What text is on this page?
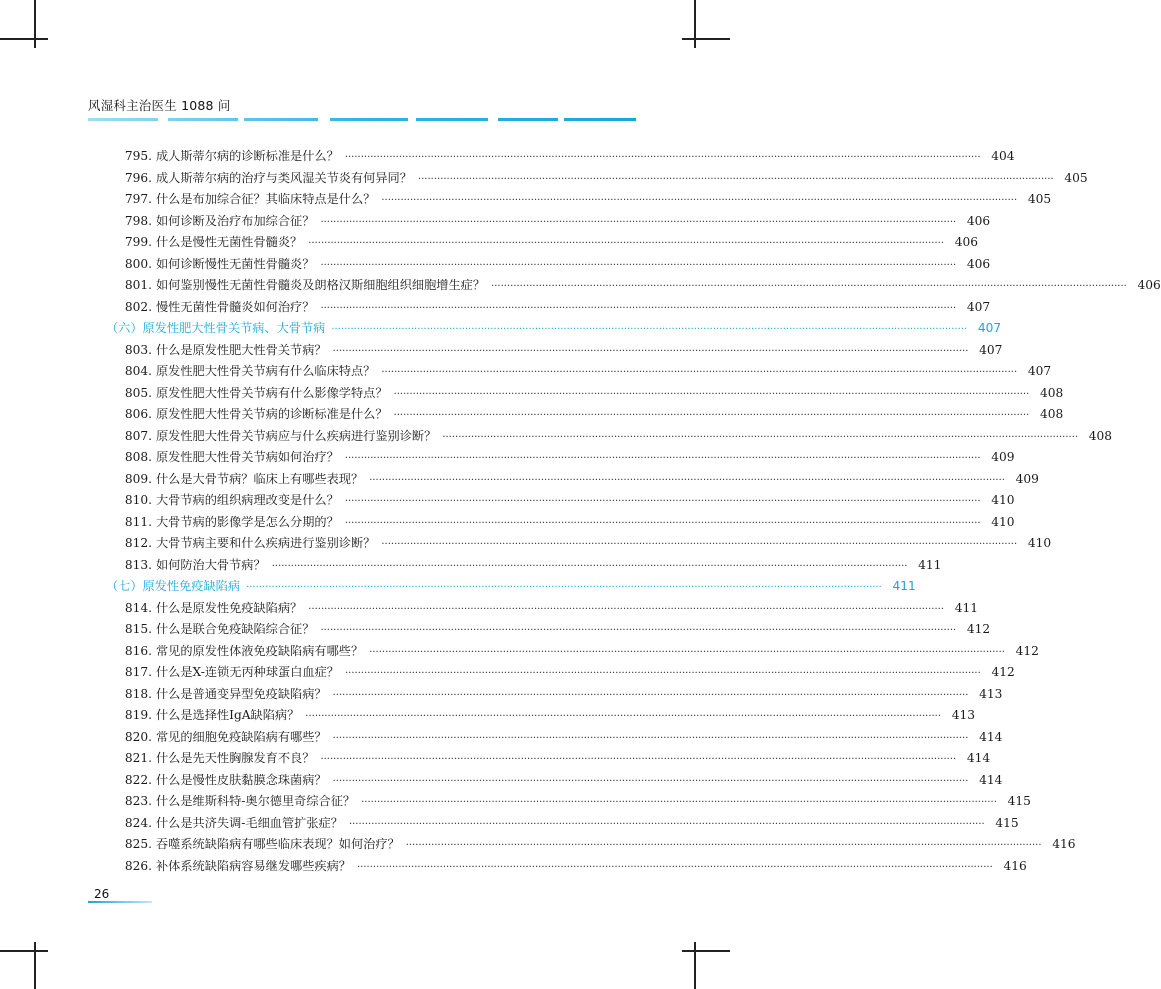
风湿科主治医生 1088 问
795. 成人斯蒂尔病的诊断标准是什么？ ········································································································································································································ 404
796. 成人斯蒂尔病的治疗与类风湿关节炎有何异同？ ········································································································································································································ 405
797. 什么是布加综合征？其临床特点是什么？ ········································································································································································································ 405
798. 如何诊断及治疗布加综合征？ ········································································································································································································ 406
799. 什么是慢性无菌性骨髓炎？ ········································································································································································································ 406
800. 如何诊断慢性无菌性骨髓炎？ ········································································································································································································ 406
801. 如何鉴别慢性无菌性骨髓炎及朗格汉斯细胞组织细胞增生症？ ········································································································································································································ 406
802. 慢性无菌性骨髓炎如何治疗？ ········································································································································································································ 407
（六）原发性肥大性骨关节病、大骨节病 ········································································································································································································ 407
803. 什么是原发性肥大性骨关节病？ ········································································································································································································ 407
804. 原发性肥大性骨关节病有什么临床特点？ ········································································································································································································ 407
805. 原发性肥大性骨关节病有什么影像学特点？ ········································································································································································································ 408
806. 原发性肥大性骨关节病的诊断标准是什么？ ········································································································································································································ 408
807. 原发性肥大性骨关节病应与什么疾病进行鉴别诊断？ ········································································································································································································ 408
808. 原发性肥大性骨关节病如何治疗？ ········································································································································································································ 409
809. 什么是大骨节病？临床上有哪些表现？ ········································································································································································································ 409
810. 大骨节病的组织病理改变是什么？ ········································································································································································································ 410
811. 大骨节病的影像学是怎么分期的？ ········································································································································································································ 410
812. 大骨节病主要和什么疾病进行鉴别诊断？ ········································································································································································································ 410
813. 如何防治大骨节病？ ········································································································································································································ 411
（七）原发性免疫缺陷病 ········································································································································································································ 411
814. 什么是原发性免疫缺陷病？ ········································································································································································································ 411
815. 什么是联合免疫缺陷综合征？ ········································································································································································································ 412
816. 常见的原发性体液免疫缺陷病有哪些？ ········································································································································································································ 412
817. 什么是X-连锁无丙种球蛋白血症？ ········································································································································································································ 412
818. 什么是普通变异型免疫缺陷病？ ········································································································································································································ 413
819. 什么是选择性IgA缺陷病？ ········································································································································································································ 413
820. 常见的细胞免疫缺陷病有哪些？ ········································································································································································································ 414
821. 什么是先天性胸腺发育不良？ ········································································································································································································ 414
822. 什么是慢性皮肤黏膜念珠菌病？ ········································································································································································································ 414
823. 什么是维斯科特-奥尔德里奇综合征？ ········································································································································································································ 415
824. 什么是共济失调-毛细血管扩张症？ ········································································································································································································ 415
825. 吞噬系统缺陷病有哪些临床表现？如何治疗？ ········································································································································································································ 416
826. 补体系统缺陷病容易继发哪些疾病？ ········································································································································································································ 416
26
